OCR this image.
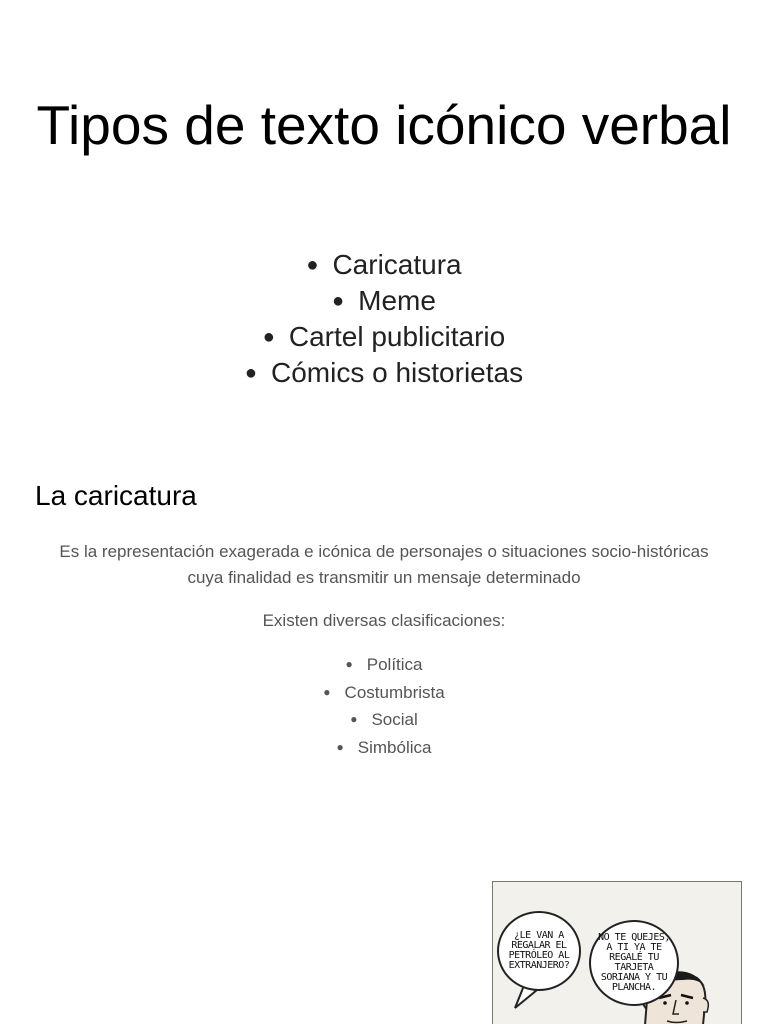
Tipos de texto icónico verbal
● Caricatura
● Meme
● Cartel publicitario
● Cómics o historietas
La caricatura

Es la representación exagerada e icónica de personajes o situaciones socio-históricas cuya finalidad es transmitir un mensaje determinado

Existen diversas clasificaciones:

● Política
● Costumbrista
● Social
● Simbólica
¿LE VAN A
REGALAR EL
PETRÓLEO AL
EXTRANJERO?
NO TE QUEJES,
A TI YA TE
REGALÉ TU
TARJETA
SORIANA Y TU
PLANCHA.
